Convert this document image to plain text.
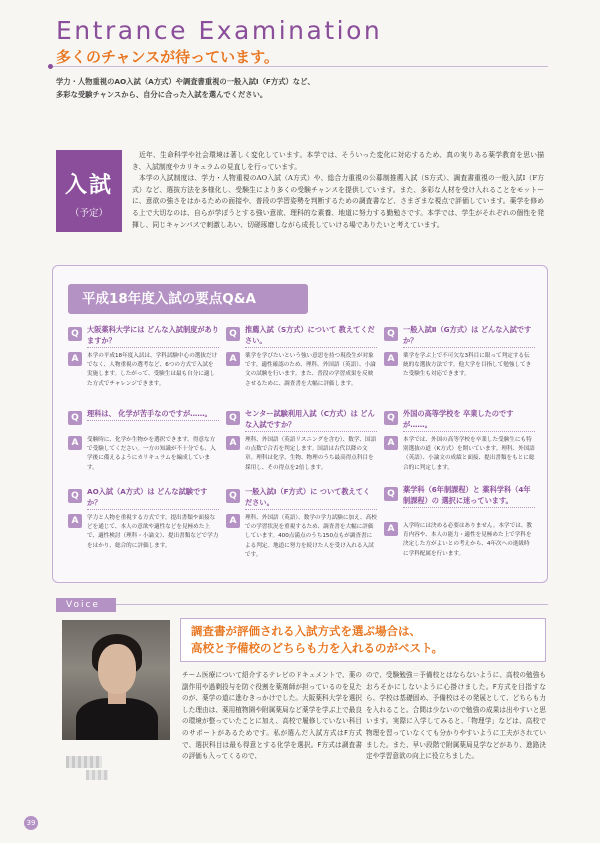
Entrance Examination
多くのチャンスが待っています。
学力・人物重視のAO入試（A方式）や調査書重視の一般入試Ⅰ（F方式）など、
多彩な受験チャンスから、自分に合った入試を選んでください。
入試
（予定）

近年、生命科学や社会環境は著しく変化しています。本学では、そういった変化に対応するため、真の実りある薬学教育を思い描き、入試制度やカリキュラムの見直しを行っています。

本学の入試制度は、学力・人物重視のAO入試（A方式）や、総合力重視の公募制推薦入試（S方式）、調査書重視の一般入試Ⅰ（F方式）など、選抜方法を多様化し、受験生により多くの受験チャンスを提供しています。また、多彩な人材を受け入れることをモットーに、意欲の強さをはかるための面接や、普段の学習姿勢を判断するための調査書など、さまざまな視点で評価しています。薬学を修める上で大切なのは、自らが学ぼうとする強い意欲、理科的な素養、地道に努力する勤勉さです。本学では、学生がそれぞれの個性を発揮し、同じキャンパスで刺激しあい、切磋琢磨しながら成長していける場でありたいと考えています。

平成18年度入試の要点Q&A
Q	大阪薬科大学には どんな入試制度がありますか？
A	本学の平成18年度入試は、学科試験中心の選抜だけでなく、人物重視の選考など、6つの方式で入試を実施します。したがって、受験生は最も自分に適した方式でチャレンジできます。
Q	推薦入試（S方式）について 教えてください。
A	薬学を学びたいという強い意思を持つ現役生が対象です。適性確認のため、理科、外国語（英語）、小論文の試験を行います。また、普段の学習成果を反映させるために、調査書を大幅に評価します。
Q	一般入試Ⅱ（G方式）は どんな入試ですか？
A	薬学を学ぶ上で不可欠な3科目に限って判定する伝統的な選抜方法です。他大学を目指して勉強してきた受験生も対応できます。
Q	理科は、 化学が苦手なのですが……。
A	受験時に、化学か生物かを選択できます。得意な方で受験してください。一方の知識が不十分でも、入学後に備えるようにカリキュラムを編成しています。
Q	センター試験利用入試（C方式）は どんな入試ですか？
A	理科、外国語（英語リスニングを含む）、数学、国語の点数で合否を判定します。国語は古代以降の文章。理科は化学、生物、物理のうち最高得点科目を採用し、その得点を2倍します。
Q	外国の高等学校を 卒業したのですが……。
A	本学では、外国の高等学校を卒業した受験生にも特別選抜の道（K方式）を開いています。理科、外国語（英語）、小論文の成績と面接、提出書類をもとに総合的に判定します。
Q	AO入試（A方式）は どんな試験ですか？
A	学力と人物を重視する方式です。提出書類や面接などを通じて、本人の意欲や適性などを見極めた上で、適性検討（理科・小論文）、提出書類などで学力をはかり、総合的に評価します。
Q	一般入試Ⅰ（F方式）に ついて教えてください。
A	理科、外国語（英語）、数学の学力試験に加え、高校での学習状況を重視するため、調査書を大幅に評価しています。400点満点のうち150点もが調査書による判定。地道に努力を続けた人を受け入れる入試です。
Q	薬学科（6年制課程）と 薬科学科（4年制課程）の 選択に迷っています。
A	入学時には決める必要はありません。本学では、教育内容や、本人の能力・適性を見極めた上で学科を決定した方がよいとの考えから、4年次への進級時に学科配属を行います。
Voice
調査書が評価される入試方式を選ぶ場合は、
高校と予備校のどちらも力を入れるのがベスト。
チーム医療について紹介するテレビのドキュメントで、薬の副作用や過剰投与を防ぐ役割を薬剤師が担っているのを見たのが、薬学の道に進むきっかけでした。大阪薬科大学を選択した理由は、薬用植物園や附属薬局など薬学を学ぶ上で最良の環境が整っていたことに加え、高校で履修していない科目のサポートがあるためです。私が選んだ入試方式はF方式で、選択科目は最も得意とする化学を選択。F方式は調査書の評価も入ってくるので、
ので、受験勉強＝予備校とはならないように、高校の勉強もおろそかにしないように心掛けました。F方式を目指すなら、学校は基礎固め、予備校はその発展として、どちらも力を入れること。合間は少ないので勉強の成果は出やすいと思います。実際に入学してみると、「物理学」などは、高校で物理を習っていなくても分かりやすいように工夫がされていました。また、早い段階で附属薬局見学などがあり、進路決定や学習意欲の向上に役立ちました。
39
